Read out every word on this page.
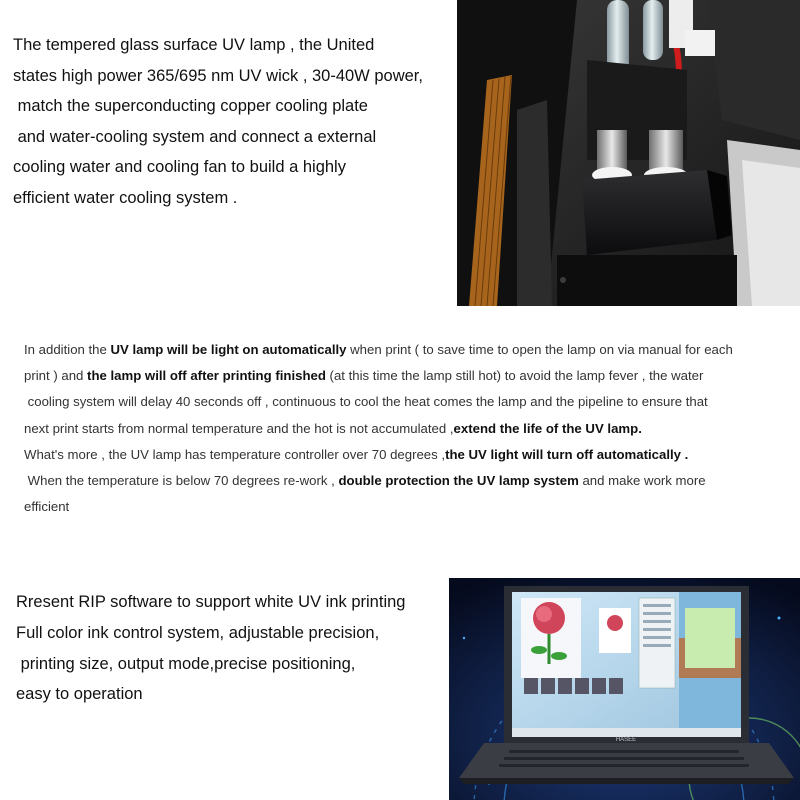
The tempered glass surface UV lamp , the United
states high power 365/695 nm UV wick , 30-40W power,
match the superconducting copper cooling plate
and water-cooling system and connect a external
cooling water and cooling fan to build a highly
efficient water cooling system .
In addition the UV lamp will be light on automatically when print ( to save time to open the lamp on via manual for each
print ) and the lamp will off after printing finished (at this time the lamp still hot) to avoid the lamp fever , the water
cooling system will delay 40 seconds off , continuous to cool the heat comes the lamp and the pipeline to ensure that
next print starts from normal temperature and the hot is not accumulated ,extend the life of the UV lamp.
What's more , the UV lamp has temperature controller over 70 degrees ,the UV light will turn off automatically .
When the temperature is below 70 degrees re-work , double protection the UV lamp system and make work more
efficient
Rresent RIP software to support white UV ink printing
Full color ink control system, adjustable precision,
printing size, output mode,precise positioning,
easy to operation
HASEE
